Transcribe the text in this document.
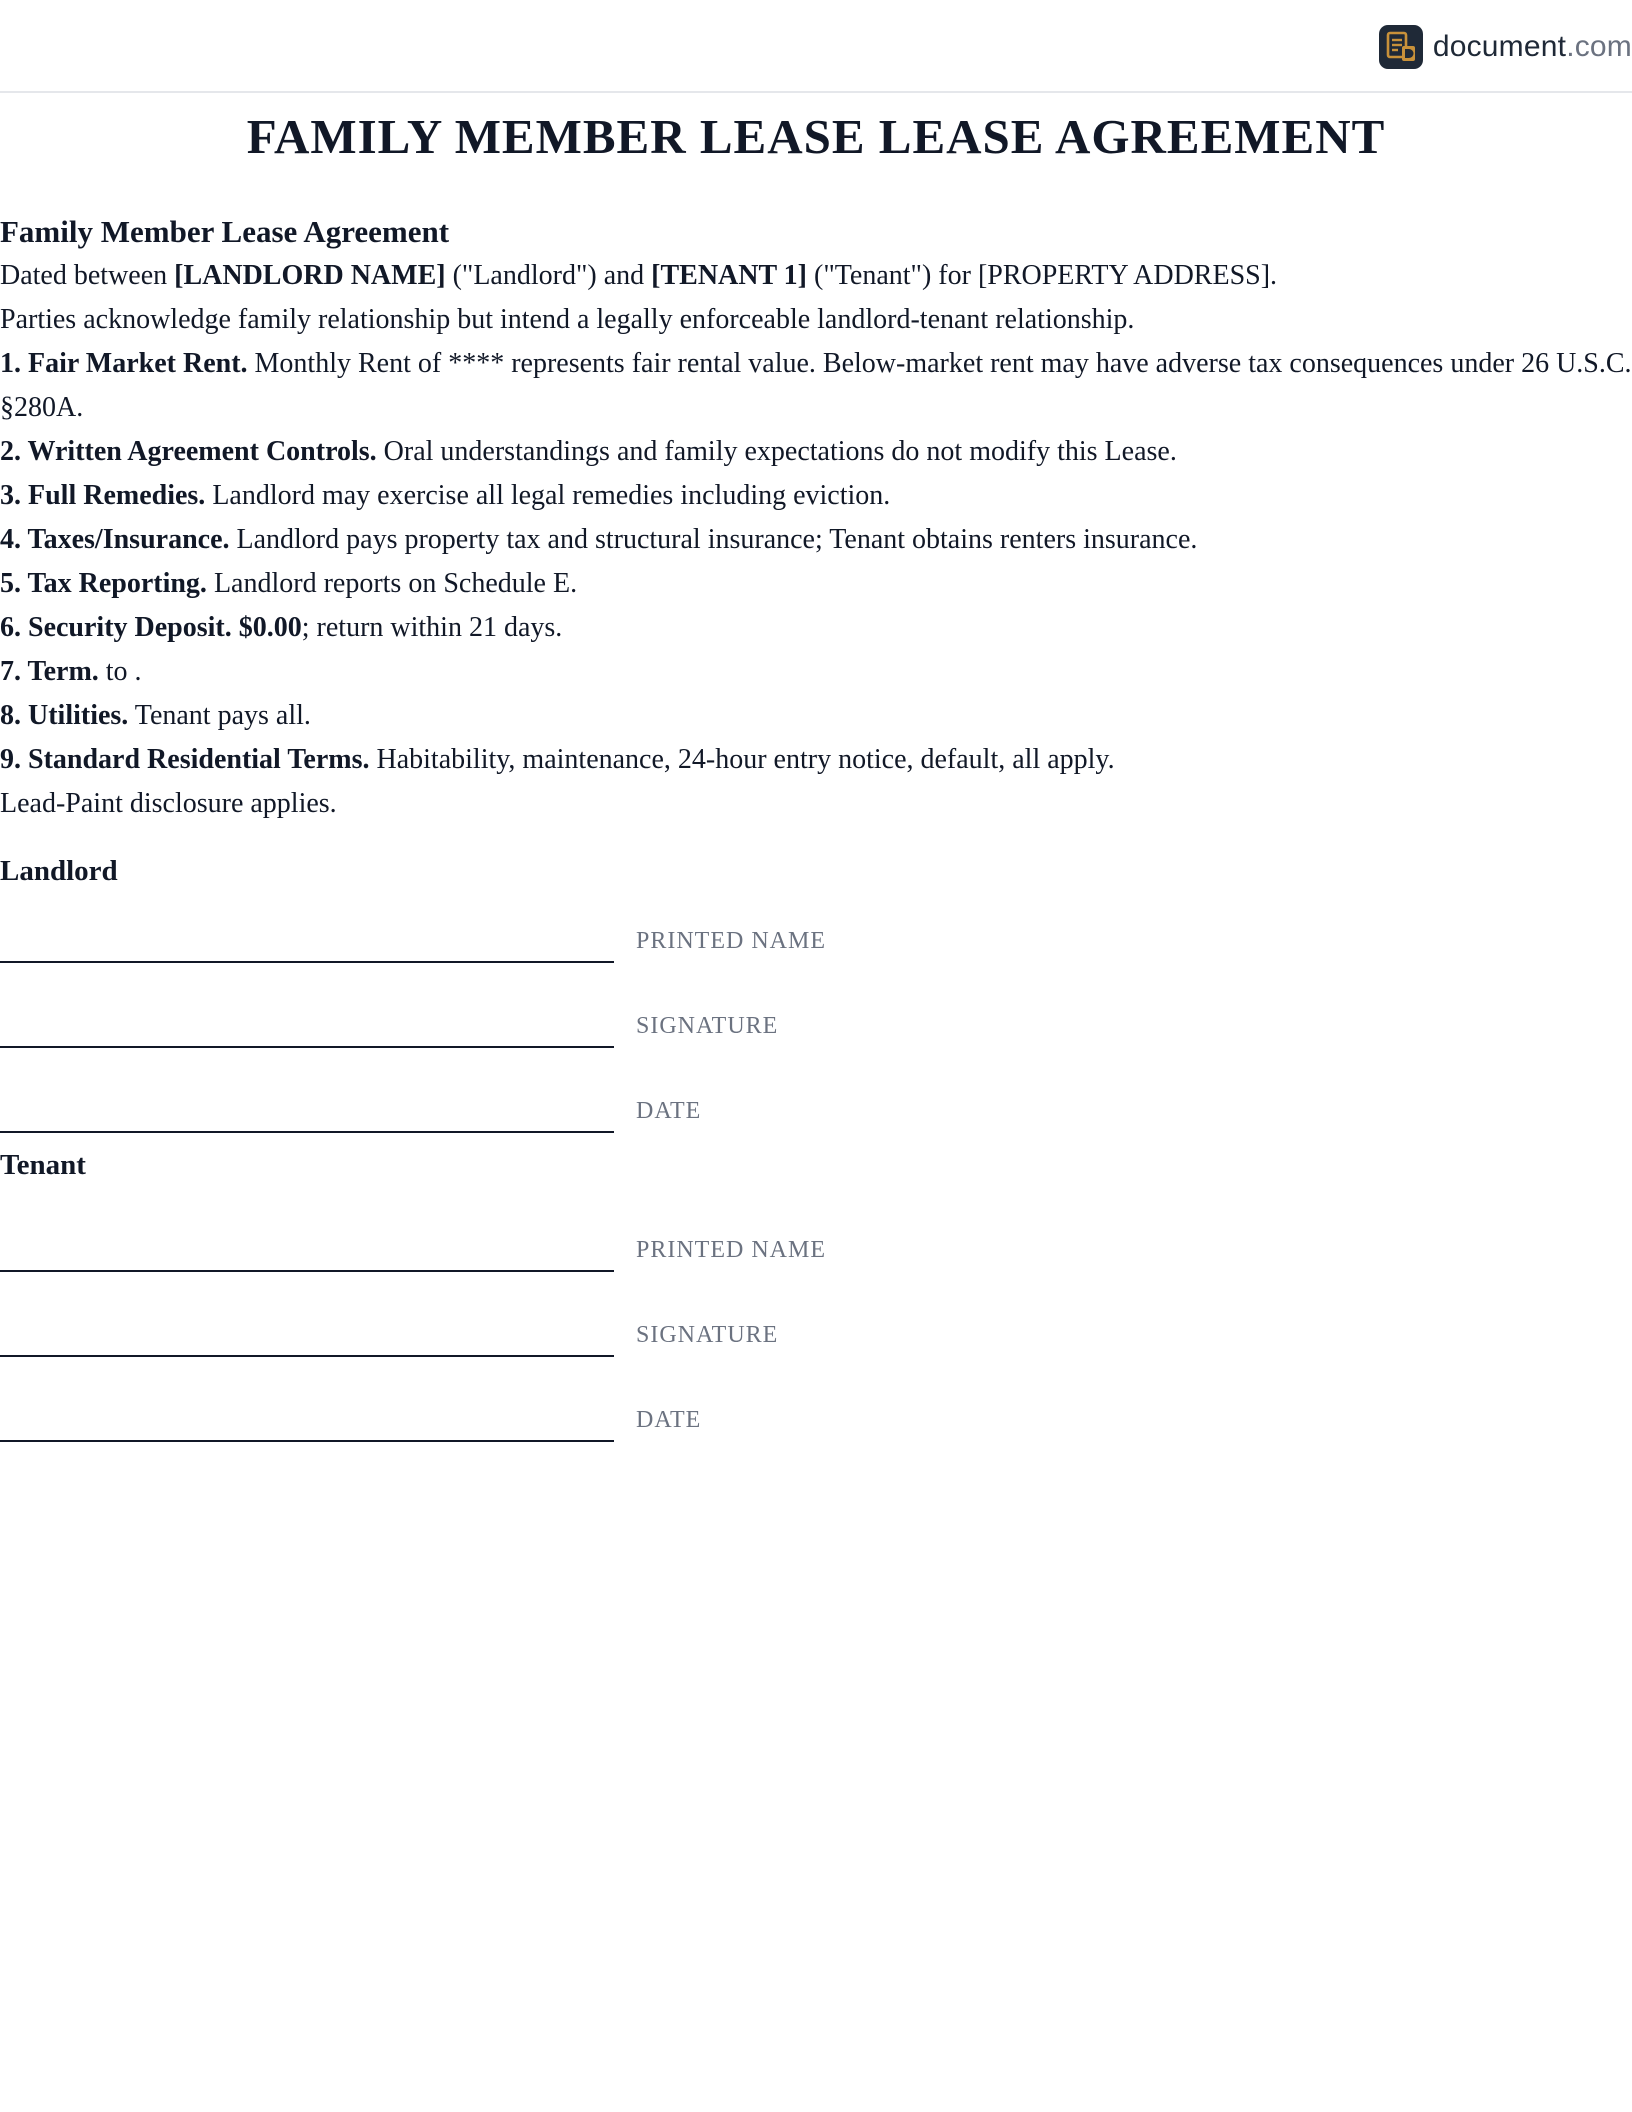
document.com
FAMILY MEMBER LEASE LEASE AGREEMENT
Family Member Lease Agreement

Dated between [LANDLORD NAME] ("Landlord") and [TENANT 1] ("Tenant") for [PROPERTY ADDRESS].

Parties acknowledge family relationship but intend a legally enforceable landlord-tenant relationship.

1. Fair Market Rent. Monthly Rent of **** represents fair rental value. Below-market rent may have adverse tax consequences under 26 U.S.C. §280A.

2. Written Agreement Controls. Oral understandings and family expectations do not modify this Lease.

3. Full Remedies. Landlord may exercise all legal remedies including eviction.

4. Taxes/Insurance. Landlord pays property tax and structural insurance; Tenant obtains renters insurance.

5. Tax Reporting. Landlord reports on Schedule E.

6. Security Deposit. $0.00; return within 21 days.

7. Term. to .

8. Utilities. Tenant pays all.

9. Standard Residential Terms. Habitability, maintenance, 24-hour entry notice, default, all apply.

Lead-Paint disclosure applies.

Landlord
PRINTED NAME
SIGNATURE
DATE
Tenant
PRINTED NAME
SIGNATURE
DATE
